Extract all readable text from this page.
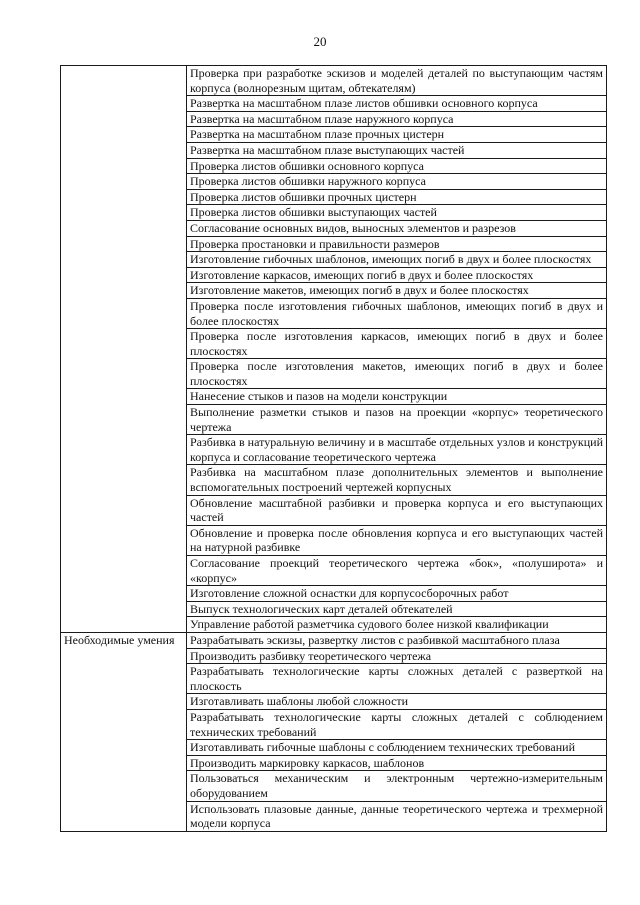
20
	Проверка при разработке эскизов и моделей деталей по выступающим частям корпуса (волнорезным щитам, обтекателям)
	Развертка на масштабном плазе листов обшивки основного корпуса
	Развертка на масштабном плазе наружного корпуса
	Развертка на масштабном плазе прочных цистерн
	Развертка на масштабном плазе выступающих частей
	Проверка листов обшивки основного корпуса
	Проверка листов обшивки наружного корпуса
	Проверка листов обшивки прочных цистерн
	Проверка листов обшивки выступающих частей
	Согласование основных видов, выносных элементов и разрезов
	Проверка простановки и правильности размеров
	Изготовление гибочных шаблонов, имеющих погиб в двух и более плоскостях
	Изготовление каркасов, имеющих погиб в двух и более плоскостях
	Изготовление макетов, имеющих погиб в двух и более плоскостях
	Проверка после изготовления гибочных шаблонов, имеющих погиб в двух и более плоскостях
	Проверка после изготовления каркасов, имеющих погиб в двух и более плоскостях
	Проверка после изготовления макетов, имеющих погиб в двух и более плоскостях
	Нанесение стыков и пазов на модели конструкции
	Выполнение разметки стыков и пазов на проекции «корпус» теоретического чертежа
	Разбивка в натуральную величину и в масштабе отдельных узлов и конструкций корпуса и согласование теоретического чертежа
	Разбивка на масштабном плазе дополнительных элементов и выполнение вспомогательных построений чертежей корпусных
	Обновление масштабной разбивки и проверка корпуса и его выступающих частей
	Обновление и проверка после обновления корпуса и его выступающих частей на натурной разбивке
	Согласование проекций теоретического чертежа «бок», «полуширота» и «корпус»
	Изготовление сложной оснастки для корпусосборочных работ
	Выпуск технологических карт деталей обтекателей
	Управление работой разметчика судового более низкой квалификации
Необходимые умения	Разрабатывать эскизы, развертку листов с разбивкой масштабного плаза
	Производить разбивку теоретического чертежа
	Разрабатывать технологические карты сложных деталей с разверткой на плоскость
	Изготавливать шаблоны любой сложности
	Разрабатывать технологические карты сложных деталей с соблюдением технических требований
	Изготавливать гибочные шаблоны с соблюдением технических требований
	Производить маркировку каркасов, шаблонов
	Пользоваться механическим и электронным чертежно-измерительным оборудованием
	Использовать плазовые данные, данные теоретического чертежа и трехмерной модели корпуса
